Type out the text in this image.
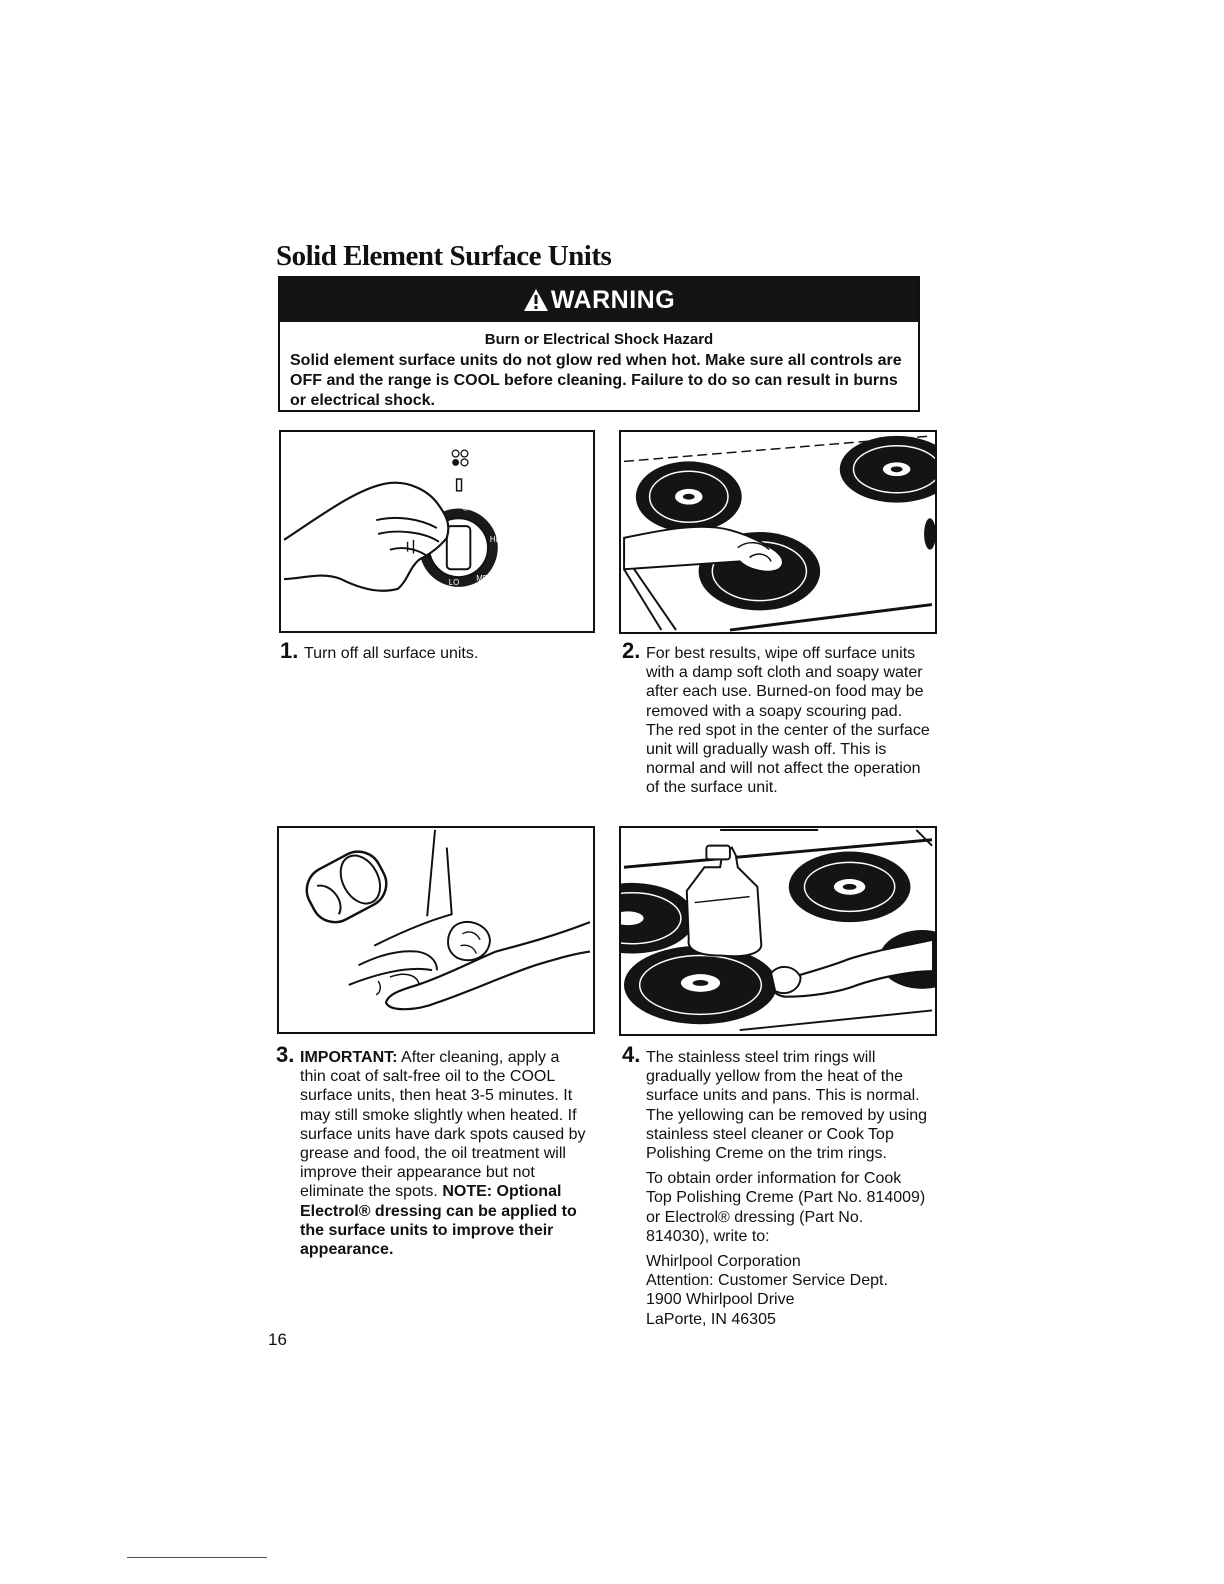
Solid Element Surface Units
WARNING
Burn or Electrical Shock Hazard
Solid element surface units do not glow red when hot. Make sure all controls are OFF and the range is COOL before cleaning. Failure to do so can result in burns or electrical shock.
OFF
HI
MED
LO
1. Turn off all surface units.	2. For best results, wipe off surface units with a damp soft cloth and soapy water after each use. Burned-on food may be removed with a soapy scouring pad. The red spot in the center of the surface unit will gradually wash off. This is normal and will not affect the operation of the surface unit.
3. IMPORTANT: After cleaning, apply a thin coat of salt-free oil to the COOL surface units, then heat 3-5 minutes. It may still smoke slightly when heated. If surface units have dark spots caused by grease and food, the oil treatment will improve their appearance but not eliminate the spots. NOTE: Optional Electrol® dressing can be applied to the surface units to improve their appearance.
4. The stainless steel trim rings will gradually yellow from the heat of the surface units and pans. This is normal. The yellowing can be removed by using stainless steel cleaner or Cook Top Polishing Creme on the trim rings.

To obtain order information for Cook Top Polishing Creme (Part No. 814009) or Electrol® dressing (Part No. 814030), write to:

Whirlpool Corporation
Attention: Customer Service Dept.
1900 Whirlpool Drive
LaPorte, IN 46305
16
